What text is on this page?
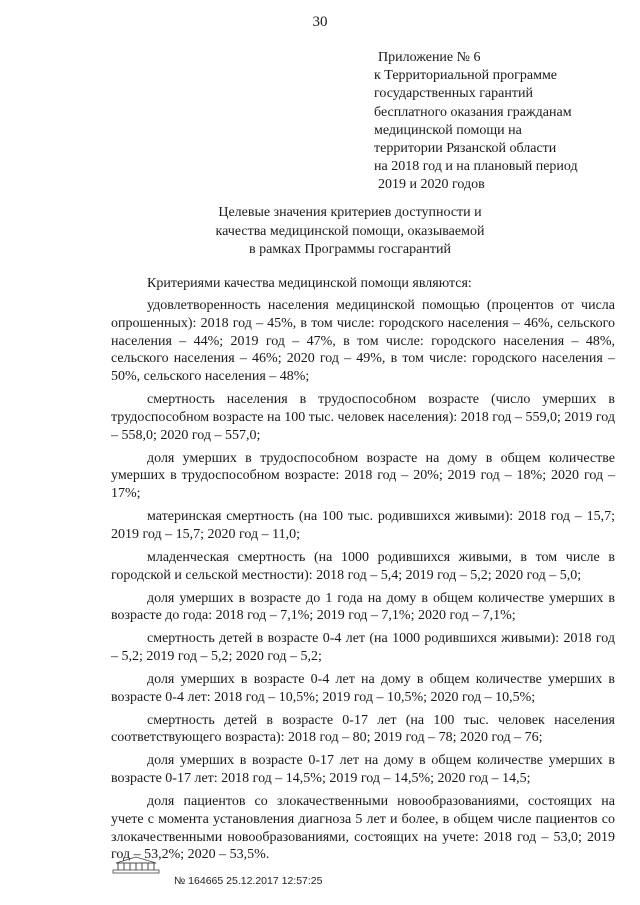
30
Приложение № 6
к Территориальной программе
государственных гарантий
бесплатного оказания гражданам
медицинской помощи на
территории Рязанской области
на 2018 год и на плановый период
2019 и 2020 годов
Целевые значения критериев доступности и
качества медицинской помощи, оказываемой
в рамках Программы госгарантий
Критериями качества медицинской помощи являются:

удовлетворенность населения медицинской помощью (процентов от числа опрошенных): 2018 год – 45%, в том числе: городского населения – 46%, сельского населения – 44%; 2019 год – 47%, в том числе: городского населения – 48%, сельского населения – 46%; 2020 год – 49%, в том числе: городского населения – 50%, сельского населения – 48%;

смертность населения в трудоспособном возрасте (число умерших в трудоспособном возрасте на 100 тыс. человек населения): 2018 год – 559,0; 2019 год – 558,0; 2020 год – 557,0;

доля умерших в трудоспособном возрасте на дому в общем количестве умерших в трудоспособном возрасте: 2018 год – 20%; 2019 год – 18%; 2020 год – 17%;

материнская смертность (на 100 тыс. родившихся живыми): 2018 год – 15,7; 2019 год – 15,7; 2020 год – 11,0;

младенческая смертность (на 1000 родившихся живыми, в том числе в городской и сельской местности): 2018 год – 5,4; 2019 год – 5,2; 2020 год – 5,0;

доля умерших в возрасте до 1 года на дому в общем количестве умерших в возрасте до года: 2018 год – 7,1%; 2019 год – 7,1%; 2020 год – 7,1%;

смертность детей в возрасте 0-4 лет (на 1000 родившихся живыми): 2018 год – 5,2; 2019 год – 5,2; 2020 год – 5,2;

доля умерших в возрасте 0-4 лет на дому в общем количестве умерших в возрасте 0-4 лет: 2018 год – 10,5%; 2019 год – 10,5%; 2020 год – 10,5%;

смертность детей в возрасте 0-17 лет (на 100 тыс. человек населения соответствующего возраста): 2018 год – 80; 2019 год – 78; 2020 год – 76;

доля умерших в возрасте 0-17 лет на дому в общем количестве умерших в возрасте 0-17 лет: 2018 год – 14,5%; 2019 год – 14,5%; 2020 год – 14,5;

доля пациентов со злокачественными новообразованиями, состоящих на учете с момента установления диагноза 5 лет и более, в общем числе пациентов со злокачественными новообразованиями, состоящих на учете: 2018 год – 53,0; 2019 год – 53,2%; 2020 – 53,5%.

№ 164665 25.12.2017 12:57:25
